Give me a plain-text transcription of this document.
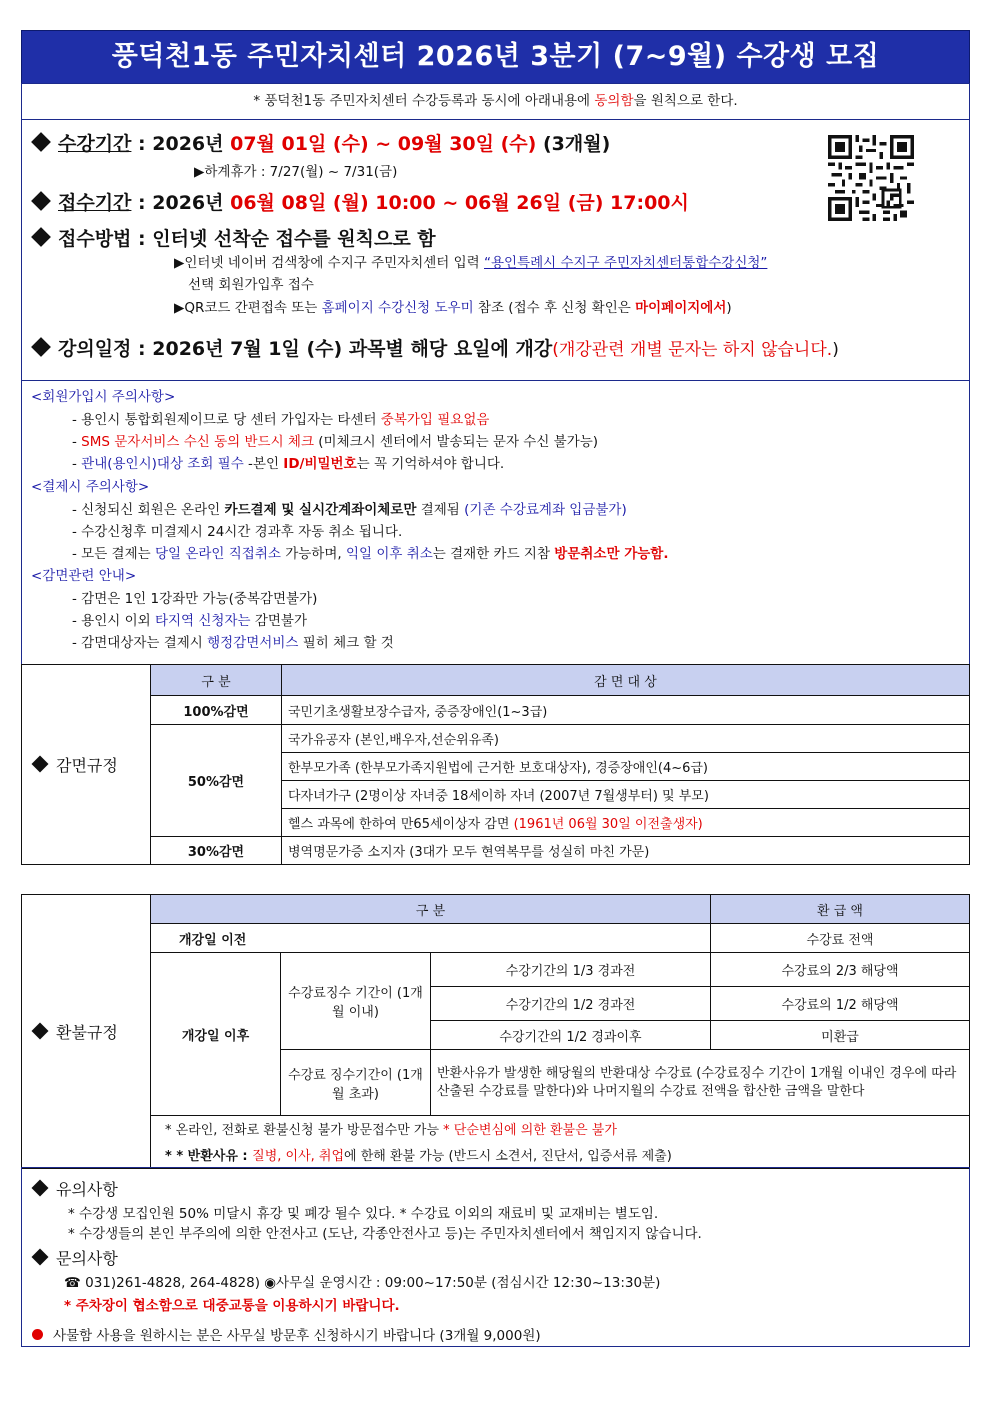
풍덕천1동 주민자치센터 2026년 3분기 (7~9월) 수강생 모집
* 풍덕천1동 주민자치센터 수강등록과 동시에 아래내용에 동의함을 원칙으로 한다.
수강기간 : 2026년 07월 01일 (수) ~ 09월 30일 (수) (3개월)
▶하계휴가 : 7/27(월) ~ 7/31(금)
접수기간 : 2026년 06월 08일 (월) 10:00 ~ 06월 26일 (금) 17:00시
접수방법 : 인터넷 선착순 접수를 원칙으로 함
▶인터넷 네이버 검색창에 수지구 주민자치센터 입력 “용인특례시 수지구 주민자치센터통합수강신청”
선택 회원가입후 접수
▶QR코드 간편접속 또는 홈페이지 수강신청 도우미 참조 (접수 후 신청 확인은 마이페이지에서)
강의일정 : 2026년 7월 1일 (수) 과목별 해당 요일에 개강(개강관련 개별 문자는 하지 않습니다.)
<회원가입시 주의사항>
- 용인시 통합회원제이므로 당 센터 가입자는 타센터 중복가입 필요없음
- SMS 문자서비스 수신 동의 반드시 체크 (미체크시 센터에서 발송되는 문자 수신 불가능)
- 관내(용인시)대상 조회 필수 -본인 ID/비밀번호는 꼭 기억하셔야 합니다.
<결제시 주의사항>
- 신청되신 회원은 온라인 카드결제 및 실시간계좌이체로만 결제됨 (기존 수강료계좌 입금불가)
- 수강신청후 미결제시 24시간 경과후 자동 취소 됩니다.
- 모든 결제는 당일 온라인 직접취소 가능하며, 익일 이후 취소는 결재한 카드 지참 방문취소만 가능함.
<감면관련 안내>
- 감면은 1인 1강좌만 가능(중복감면불가)
- 용인시 이외 타지역 신청자는 감면불가
- 감면대상자는 결제시 행정감면서비스 필히 체크 할 것
감면규정	구 분	감 면 대 상
	100%감면	국민기초생활보장수급자, 중증장애인(1~3급)
	50%감면	국가유공자 (본인,배우자,선순위유족)
		한부모가족 (한부모가족지원법에 근거한 보호대상자), 경증장애인(4~6급)
		다자녀가구 (2명이상 자녀중 18세이하 자녀 (2007년 7월생부터) 및 부모)
		헬스 과목에 한하여 만65세이상자 감면 (1961년 06월 30일 이전출생자)
	30%감면	병역명문가증 소지자 (3대가 모두 현역복무를 성실히 마친 가문)
환불규정	구 분			환 급 액
	개강일 이전			수강료 전액
	개강일 이후	수강료징수 기간이 (1개월 이내)	수강기간의 1/3 경과전	수강료의 2/3 해당액
			수강기간의 1/2 경과전	수강료의 1/2 해당액
			수강기간의 1/2 경과이후	미환급
		수강료 징수기간이 (1개월 초과)	반환사유가 발생한 해당월의 반환대상 수강료 (수강료징수 기간이 1개월 이내인 경우에 따라 산출된 수강료를 말한다)와 나머지월의 수강료 전액을 합산한 금액을 말한다	
	* 온라인, 전화로 환불신청 불가 방문접수만 가능 * 단순변심에 의한 환불은 불가			
	* * 반환사유 : 질병, 이사, 취업에 한해 환불 가능 (반드시 소견서, 진단서, 입증서류 제출)			
유의사항
* 수강생 모집인원 50% 미달시 휴강 및 폐강 될수 있다. * 수강료 이외의 재료비 및 교재비는 별도임.
* 수강생들의 본인 부주의에 의한 안전사고 (도난, 각종안전사고 등)는 주민자치센터에서 책임지지 않습니다.
문의사항
☎ 031)261-4828, 264-4828) ◉사무실 운영시간 : 09:00~17:50분 (점심시간 12:30~13:30분)
* 주차장이 협소함으로 대중교통을 이용하시기 바랍니다.
사물함 사용을 원하시는 분은 사무실 방문후 신청하시기 바랍니다 (3개월 9,000원)
